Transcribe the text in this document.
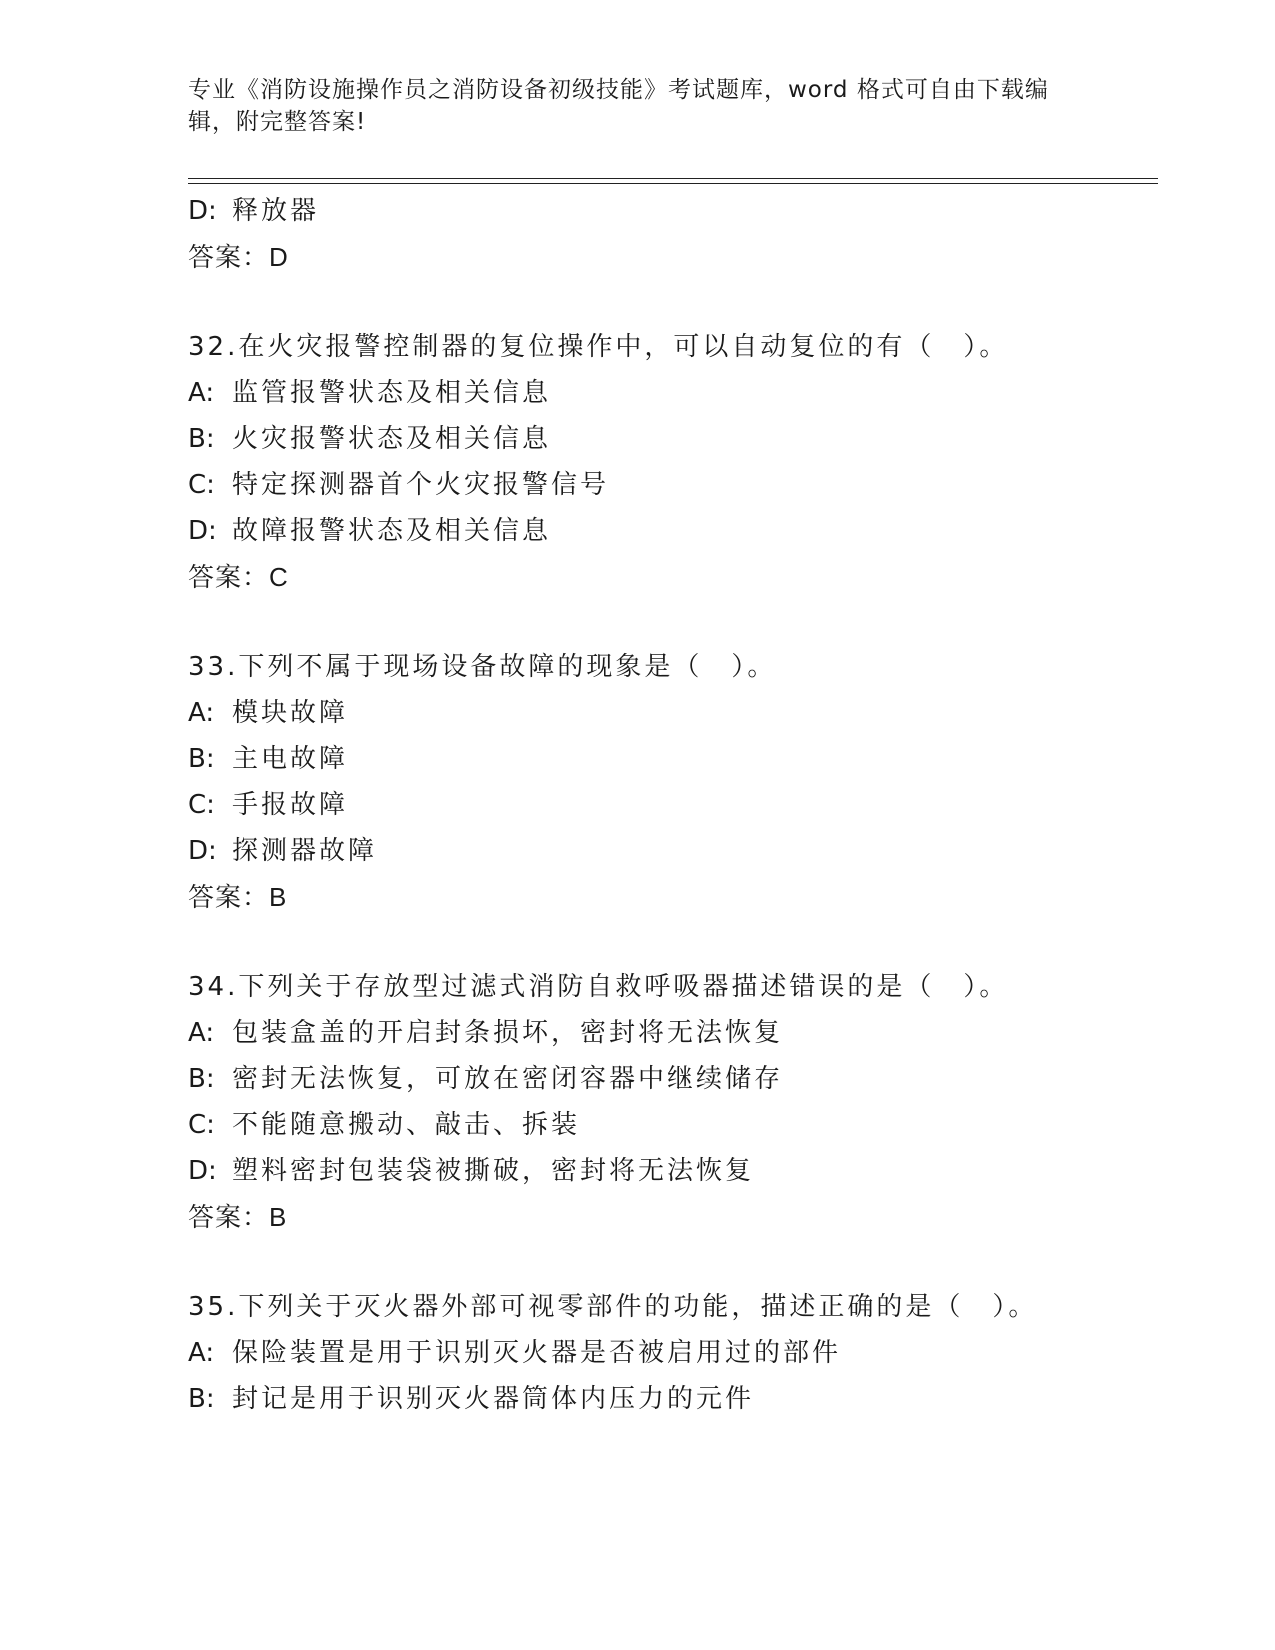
专业《消防设施操作员之消防设备初级技能》考试题库，word 格式可自由下载编
辑，附完整答案!
D: 释放器
答案：D
32.在火灾报警控制器的复位操作中，可以自动复位的有（　）。
A: 监管报警状态及相关信息
B: 火灾报警状态及相关信息
C: 特定探测器首个火灾报警信号
D: 故障报警状态及相关信息
答案：C
33.下列不属于现场设备故障的现象是（　）。
A: 模块故障
B: 主电故障
C: 手报故障
D: 探测器故障
答案：B
34.下列关于存放型过滤式消防自救呼吸器描述错误的是（　）。
A: 包装盒盖的开启封条损坏，密封将无法恢复
B: 密封无法恢复，可放在密闭容器中继续储存
C: 不能随意搬动、敲击、拆装
D: 塑料密封包装袋被撕破，密封将无法恢复
答案：B
35.下列关于灭火器外部可视零部件的功能，描述正确的是（　）。
A: 保险装置是用于识别灭火器是否被启用过的部件
B: 封记是用于识别灭火器筒体内压力的元件
